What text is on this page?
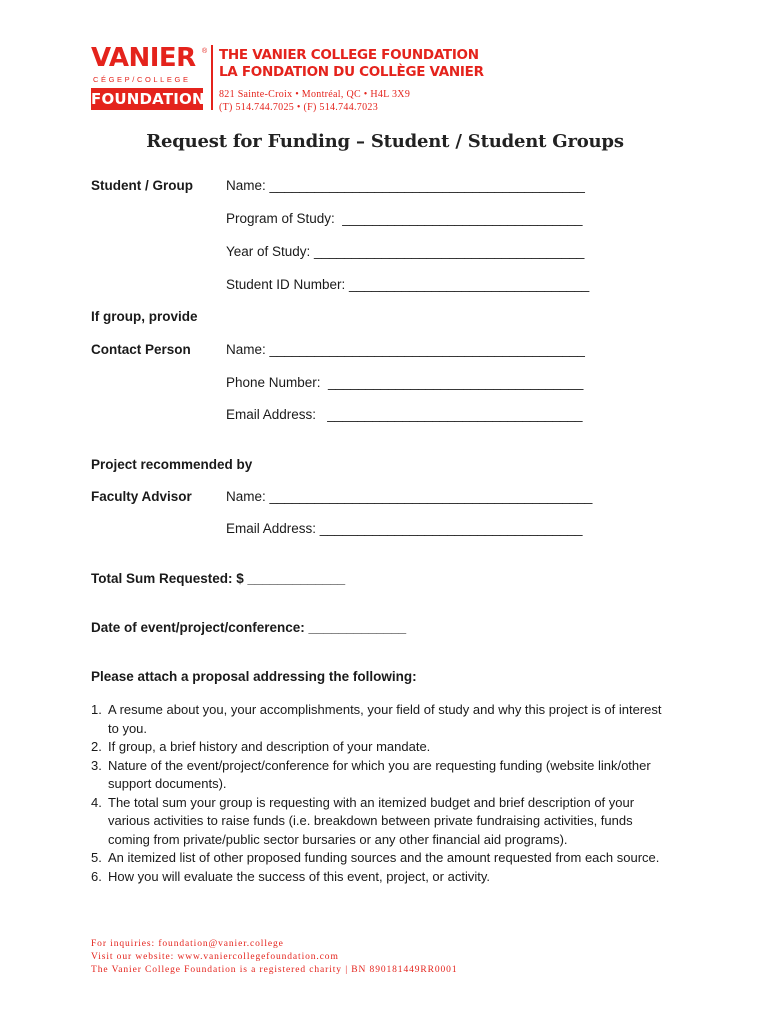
VANIER ®
CÉGEP/COLLEGE
FOUNDATION
THE VANIER COLLEGE FOUNDATION
LA FONDATION DU COLLÈGE VANIER
821 Sainte-Croix • Montréal, QC • H4L 3X9
(T) 514.744.7025 • (F) 514.744.7023
Request for Funding – Student / Student Groups
Student / Group Name: __________________________________________
Program of Study:  ________________________________
Year of Study: ____________________________________
Student ID Number: ________________________________
If group, provide
Contact Person	Name: __________________________________________
Phone Number:  __________________________________
Email Address:   __________________________________
Project recommended by
Faculty Advisor	Name: ___________________________________________
Email Address: ___________________________________
Total Sum Requested: $ _____________
Date of event/project/conference: _____________
Please attach a proposal addressing the following:
1. A resume about you, your accomplishments, your field of study and why this project is of interest to you.
2. If group, a brief history and description of your mandate.
3. Nature of the event/project/conference for which you are requesting funding (website link/other support documents).
4. The total sum your group is requesting with an itemized budget and brief description of your various activities to raise funds (i.e. breakdown between private fundraising activities, funds coming from private/public sector bursaries or any other financial aid programs).
5. An itemized list of other proposed funding sources and the amount requested from each source.
6. How you will evaluate the success of this event, project, or activity.
For inquiries: foundation@vanier.college
Visit our website: www.vaniercollegefoundation.com
The Vanier College Foundation is a registered charity | BN 890181449RR0001
